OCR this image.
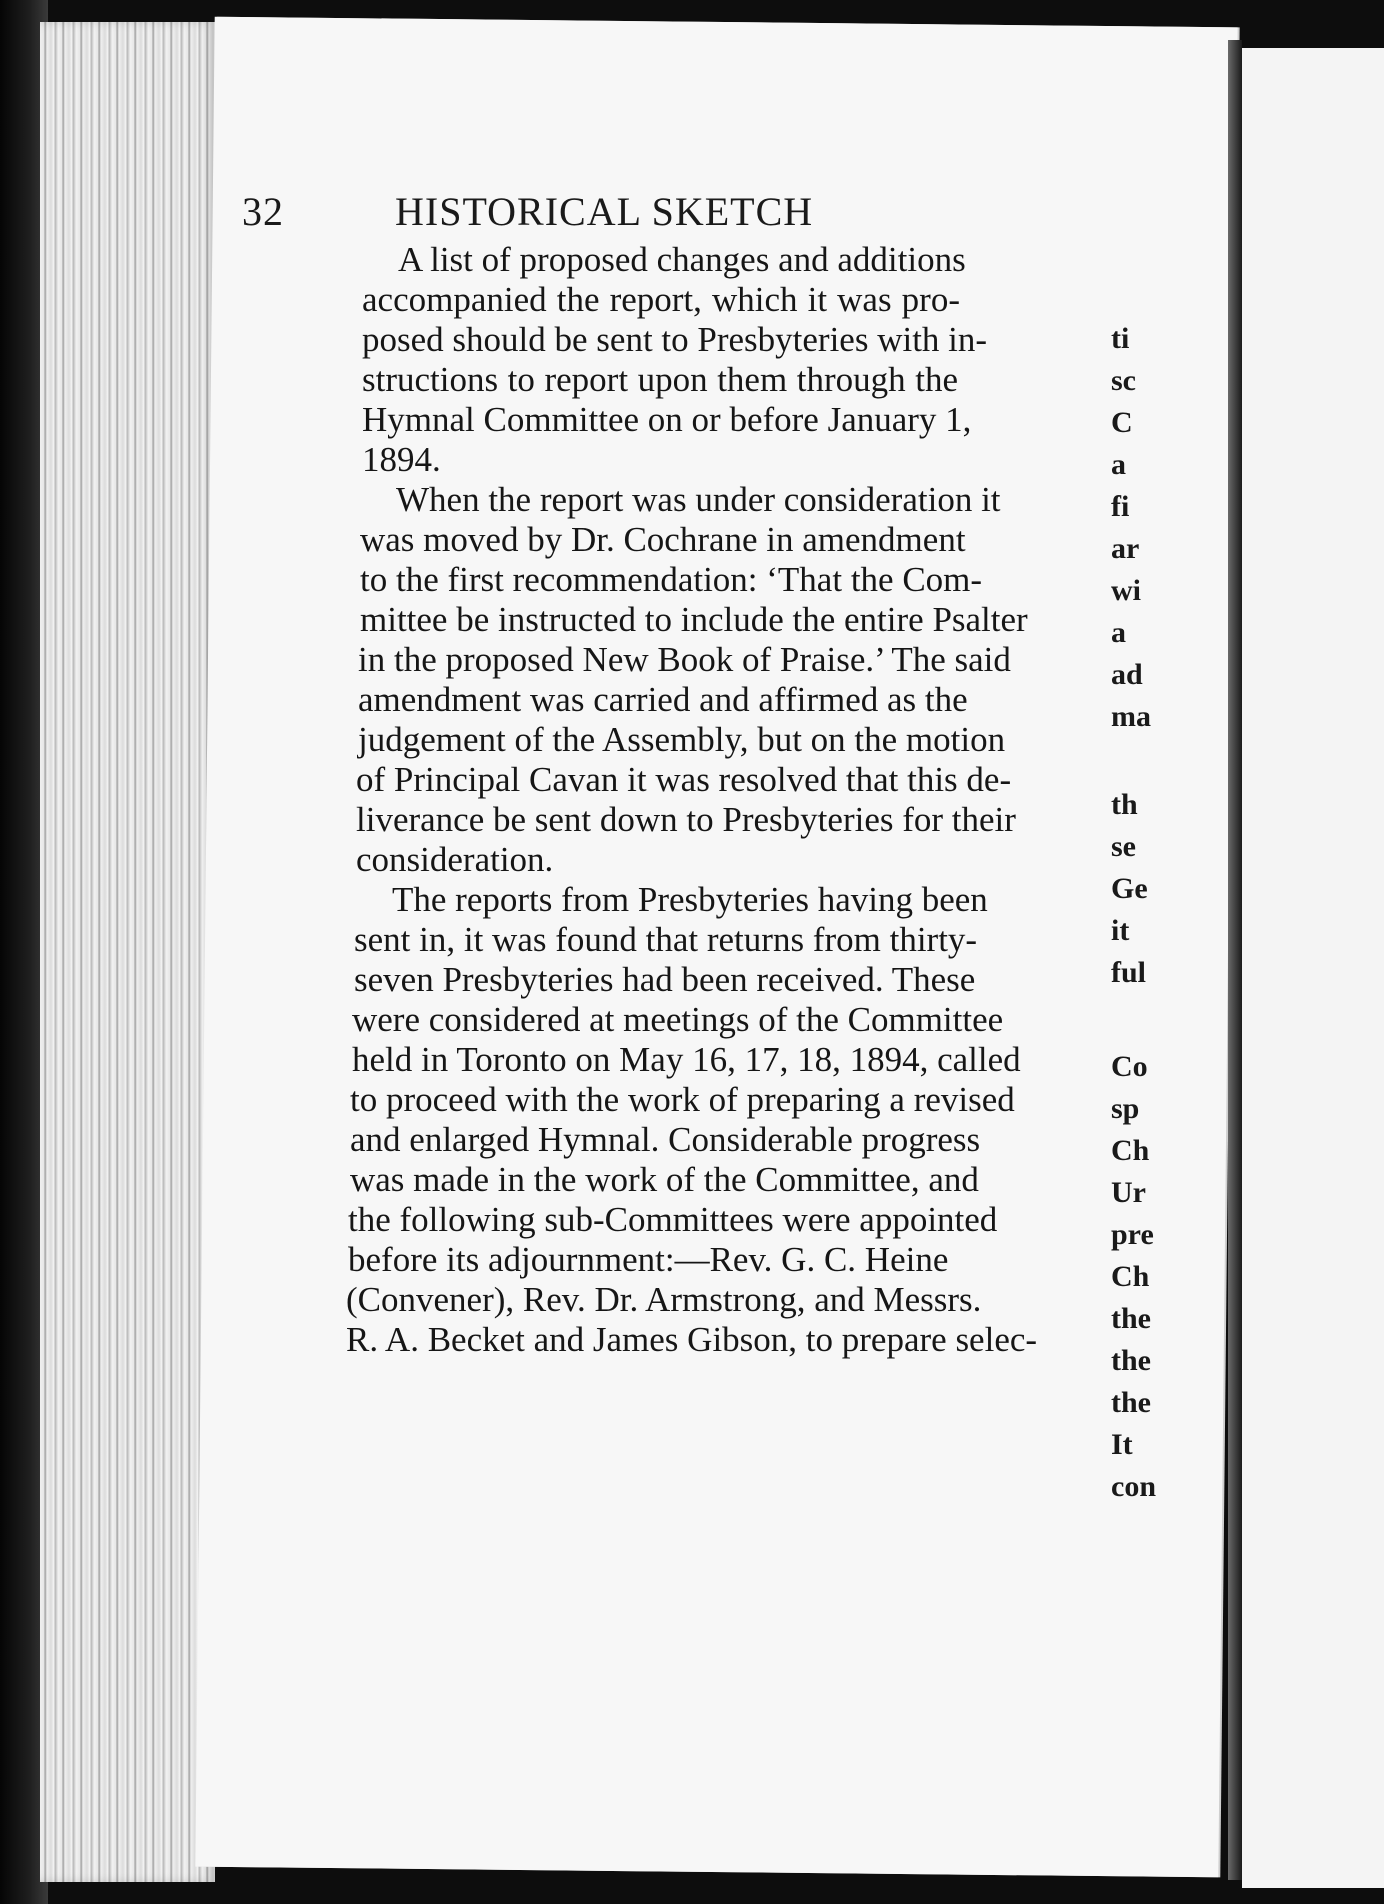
32	HISTORICAL SKETCH
A list of proposed changes and additions
accompanied the report, which it was pro-
posed should be sent to Presbyteries with in-
structions to report upon them through the
Hymnal Committee on or before January 1,
1894.
When the report was under consideration it
was moved by Dr. Cochrane in amendment
to the first recommendation: ‘That the Com-
mittee be instructed to include the entire Psalter
in the proposed New Book of Praise.’ The said
amendment was carried and affirmed as the
judgement of the Assembly, but on the motion
of Principal Cavan it was resolved that this de-
liverance be sent down to Presbyteries for their
consideration.
The reports from Presbyteries having been
sent in, it was found that returns from thirty-
seven Presbyteries had been received. These
were considered at meetings of the Committee
held in Toronto on May 16, 17, 18, 1894, called
to proceed with the work of preparing a revised
and enlarged Hymnal. Considerable progress
was made in the work of the Committee, and
the following sub-Committees were appointed
before its adjournment:—Rev. G. C. Heine
(Convener), Rev. Dr. Armstrong, and Messrs.
R. A. Becket and James Gibson, to prepare selec-
ti
sc
C
a
fi
ar
wi
a
ad
ma
th
se
Ge
it
ful
Co
sp
Ch
Ur
pre
Ch
the
the
the
It
con
